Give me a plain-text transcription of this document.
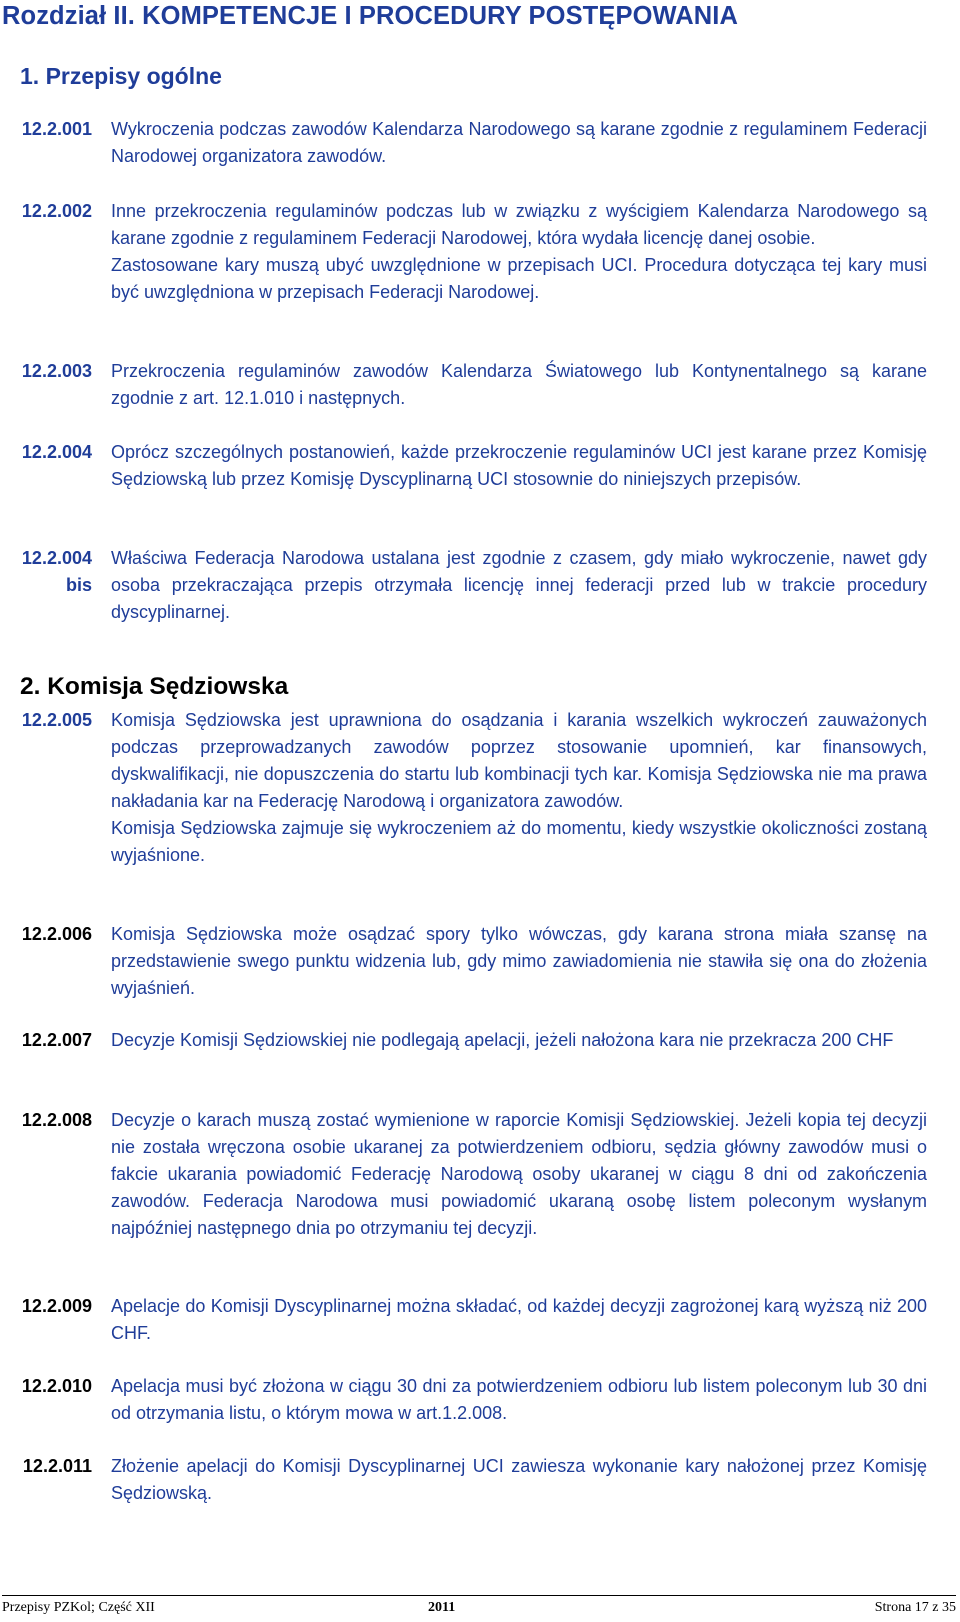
Rozdział II. KOMPETENCJE I PROCEDURY POSTĘPOWANIA
1. Przepisy ogólne
12.2.001 Wykroczenia podczas zawodów Kalendarza Narodowego są karane zgodnie z regulaminem Federacji Narodowej organizatora zawodów.

12.2.002 Inne przekroczenia regulaminów podczas lub w związku z wyścigiem Kalendarza Narodowego są karane zgodnie z regulaminem Federacji Narodowej, która wydała licencję danej osobie.

Zastosowane kary muszą ubyć uwzględnione w przepisach UCI. Procedura dotycząca tej kary musi być uwzględniona w przepisach Federacji Narodowej.

12.2.003 Przekroczenia regulaminów zawodów Kalendarza Światowego lub Kontynentalnego są karane zgodnie z art. 12.1.010 i następnych.

12.2.004 Oprócz szczególnych postanowień, każde przekroczenie regulaminów UCI jest karane przez Komisję Sędziowską lub przez Komisję Dyscyplinarną UCI stosownie do niniejszych przepisów.

12.2.004
bis

Właściwa Federacja Narodowa ustalana jest zgodnie z czasem, gdy miało wykroczenie, nawet gdy osoba przekraczająca przepis otrzymała licencję innej federacji przed lub w trakcie procedury dyscyplinarnej.

2. Komisja Sędziowska
12.2.005 Komisja Sędziowska jest uprawniona do osądzania i karania wszelkich wykroczeń zauważonych podczas przeprowadzanych zawodów poprzez stosowanie upomnień, kar finansowych, dyskwalifikacji, nie dopuszczenia do startu lub kombinacji tych kar. Komisja Sędziowska nie ma prawa nakładania kar na Federację Narodową i organizatora zawodów.

Komisja Sędziowska zajmuje się wykroczeniem aż do momentu, kiedy wszystkie okoliczności zostaną wyjaśnione.

12.2.006 Komisja Sędziowska może osądzać spory tylko wówczas, gdy karana strona miała szansę na przedstawienie swego punktu widzenia lub, gdy mimo zawiadomienia nie stawiła się ona do złożenia wyjaśnień.

12.2.007 Decyzje Komisji Sędziowskiej nie podlegają apelacji, jeżeli nałożona kara nie przekracza 200 CHF

12.2.008 Decyzje o karach muszą zostać wymienione w raporcie Komisji Sędziowskiej. Jeżeli kopia tej decyzji nie została wręczona osobie ukaranej za potwierdzeniem odbioru, sędzia główny zawodów musi o fakcie ukarania powiadomić Federację Narodową osoby ukaranej w ciągu 8 dni od zakończenia zawodów. Federacja Narodowa musi powiadomić ukaraną osobę listem poleconym wysłanym najpóźniej następnego dnia po otrzymaniu tej decyzji.

12.2.009 Apelacje do Komisji Dyscyplinarnej można składać, od każdej decyzji zagrożonej karą wyższą niż 200 CHF.

12.2.010 Apelacja musi być złożona w ciągu 30 dni za potwierdzeniem odbioru lub listem poleconym lub 30 dni od otrzymania listu, o którym mowa w art.1.2.008.

12.2.011 Złożenie apelacji do Komisji Dyscyplinarnej UCI zawiesza wykonanie kary nałożonej przez Komisję Sędziowską.

Przepisy PZKol; Część XII	2011	Strona 17 z 35
